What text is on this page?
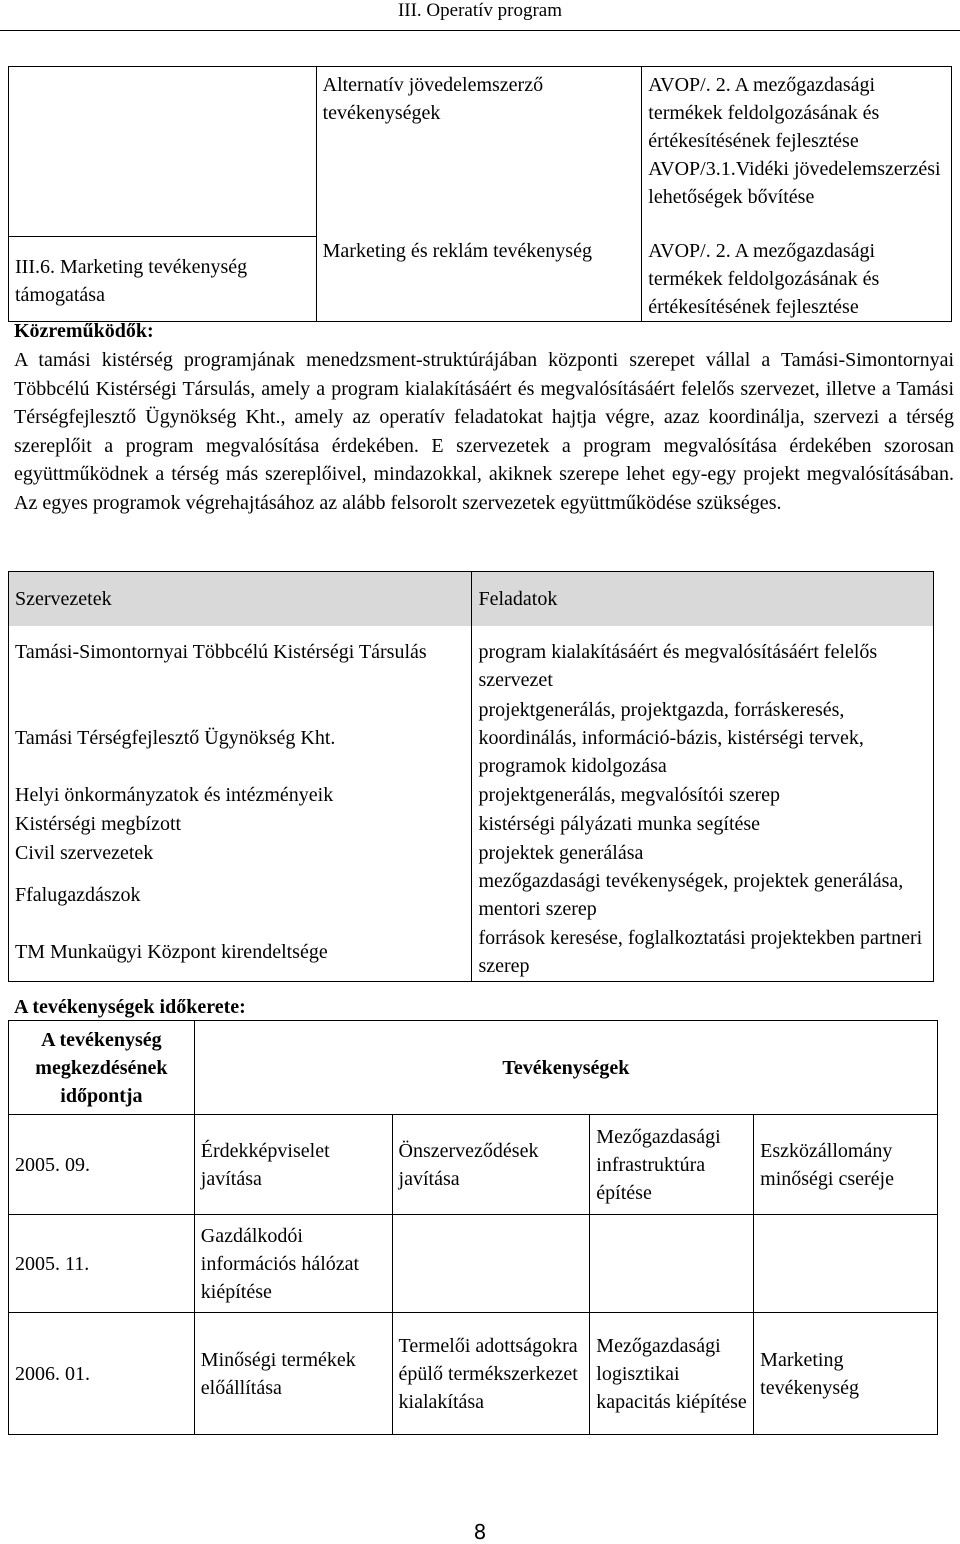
III. Operatív program
	Alternatív jövedelemszerző tevékenységek	AVOP/. 2. A mezőgazdasági termékek feldolgozásának és értékesítésének fejlesztése
AVOP/3.1.Vidéki jövedelemszerzési lehetőségek bővítése

III.6. Marketing tevékenység támogatása	Marketing és reklám tevékenység	AVOP/. 2. A mezőgazdasági termékek feldolgozásának és értékesítésének fejlesztése
Közreműködők:
A tamási kistérség programjának menedzsment-struktúrájában központi szerepet vállal a Tamási-Simontornyai Többcélú Kistérségi Társulás, amely a program kialakításáért és megvalósításáért felelős szervezet, illetve a Tamási Térségfejlesztő Ügynökség Kht., amely az operatív feladatokat hajtja végre, azaz koordinálja, szervezi a térség szereplőit a program megvalósítása érdekében. E szervezetek a program megvalósítása érdekében szorosan együttműködnek a térség más szereplőivel, mindazokkal, akiknek szerepe lehet egy-egy projekt megvalósításában. Az egyes programok végrehajtásához az alább felsorolt szervezetek együttműködése szükséges.
Szervezetek	Feladatok
Tamási-Simontornyai Többcélú Kistérségi Társulás	program kialakításáért és megvalósításáért felelős szervezet
Tamási Térségfejlesztő Ügynökség Kht.	projektgenerálás, projektgazda, forráskeresés, koordinálás, információ-bázis, kistérségi tervek, programok kidolgozása
Helyi önkormányzatok és intézményeik	projektgenerálás, megvalósítói szerep
Kistérségi megbízott	kistérségi pályázati munka segítése
Civil szervezetek	projektek generálása
Ffalugazdászok	mezőgazdasági tevékenységek, projektek generálása, mentori szerep
TM Munkaügyi Központ kirendeltsége	források keresése, foglalkoztatási projektekben partneri szerep
A tevékenységek időkerete:
A tevékenység megkezdésének időpontja	Tevékenységek			
2005. 09.	Érdekképviselet javítása	Önszerveződések javítása	Mezőgazdasági infrastruktúra építése	Eszközállomány minőségi cseréje
2005. 11.	Gazdálkodói információs hálózat kiépítése			
2006. 01.	Minőségi termékek előállítása	Termelői adottságokra épülő termékszerkezet kialakítása	Mezőgazdasági logisztikai kapacitás kiépítése	Marketing tevékenység
8
